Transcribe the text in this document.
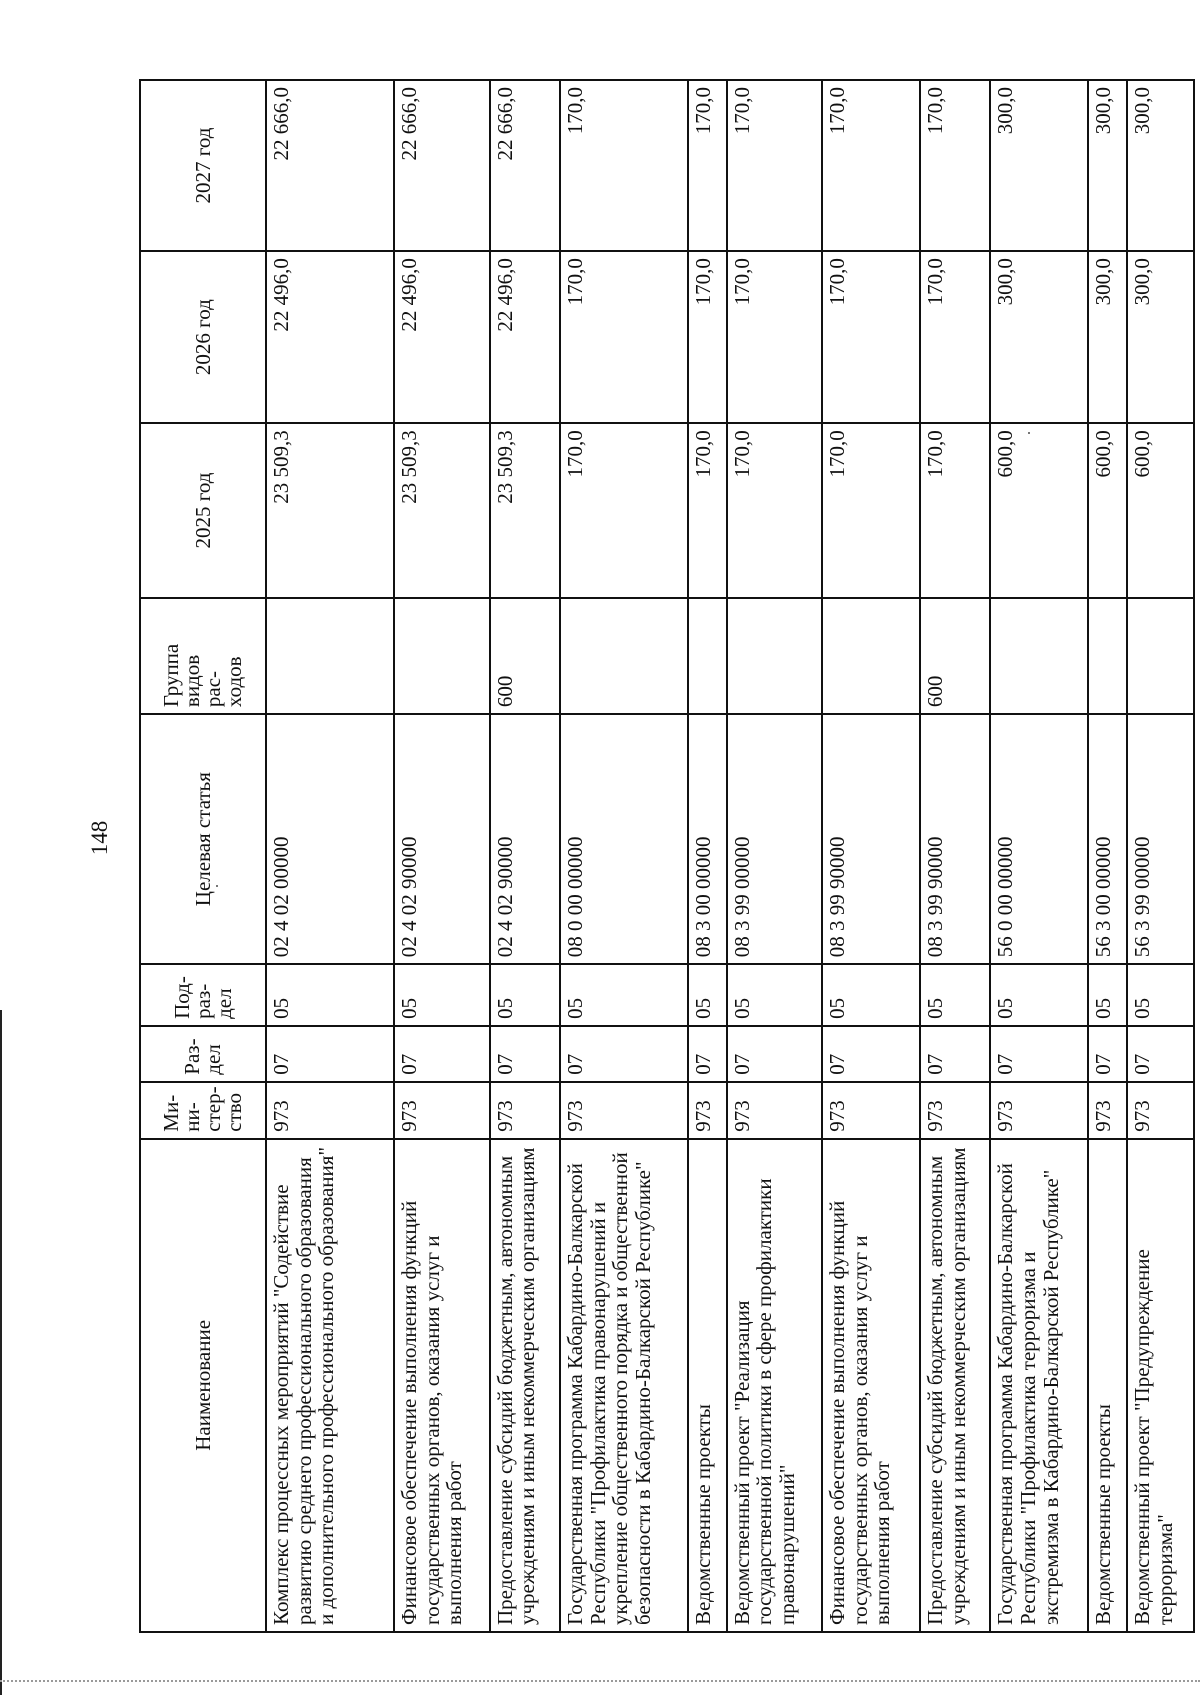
148
Наименование	Ми-
ни-
стер-
ство	Раз-
дел	Под-
раз-
дел	Целевая статья	Группа
видов
рас-
ходов	2025 год	2026 год	2027 год
Комплекс процессных мероприятий "Содействие развитию среднего профессионального образования и дополнительного профессионального образования"	973	07	05	02 4 02 00000		23 509,3	22 496,0	22 666,0
Финансовое обеспечение выполнения функций государственных органов, оказания услуг и выполнения работ	973	07	05	02 4 02 90000		23 509,3	22 496,0	22 666,0
Предоставление субсидий бюджетным, автономным учреждениям и иным некоммерческим организациям	973	07	05	02 4 02 90000	600	23 509,3	22 496,0	22 666,0
Государственная программа Кабардино-Балкарской Республики "Профилактика правонарушений и укрепление общественного порядка и общественной безопасности в Кабардино-Балкарской Республике"	973	07	05	08 0 00 00000		170,0	170,0	170,0
Ведомственные проекты	973	07	05	08 3 00 00000		170,0	170,0	170,0
Ведомственный проект "Реализация государственной политики в сфере профилактики правонарушений"	973	07	05	08 3 99 00000		170,0	170,0	170,0
Финансовое обеспечение выполнения функций государственных органов, оказания услуг и выполнения работ	973	07	05	08 3 99 90000		170,0	170,0	170,0
Предоставление субсидий бюджетным, автономным учреждениям и иным некоммерческим организациям	973	07	05	08 3 99 90000	600	170,0	170,0	170,0
Государственная программа Кабардино-Балкарской Республики "Профилактика терроризма и экстремизма в Кабардино-Балкарской Республике"	973	07	05	56 0 00 00000		600,0	300,0	300,0
Ведомственные проекты	973	07	05	56 3 00 00000		600,0	300,0	300,0
Ведомственный проект "Предупреждение терроризма"	973	07	05	56 3 99 00000		600,0	300,0	300,0
